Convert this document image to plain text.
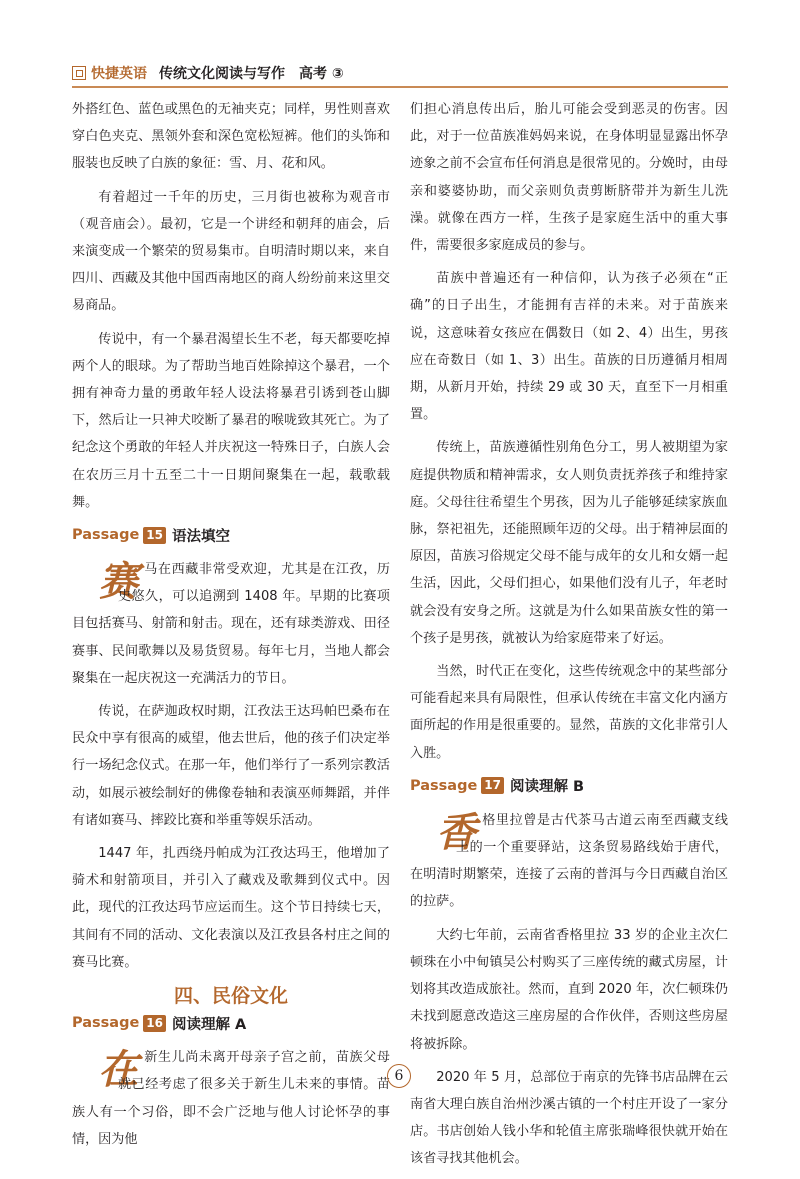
快捷英语 传统文化阅读与写作　高考 ③

外搭红色、蓝色或黑色的无袖夹克；同样，男性则喜欢穿白色夹克、黑领外套和深色宽松短裤。他们的头饰和服装也反映了白族的象征：雪、月、花和风。

有着超过一千年的历史，三月街也被称为观音市（观音庙会）。最初，它是一个讲经和朝拜的庙会，后来演变成一个繁荣的贸易集市。自明清时期以来，来自四川、西藏及其他中国西南地区的商人纷纷前来这里交易商品。

传说中，有一个暴君渴望长生不老，每天都要吃掉两个人的眼球。为了帮助当地百姓除掉这个暴君，一个拥有神奇力量的勇敢年轻人设法将暴君引诱到苍山脚下，然后让一只神犬咬断了暴君的喉咙致其死亡。为了纪念这个勇敢的年轻人并庆祝这一特殊日子，白族人会在农历三月十五至二十一日期间聚集在一起，载歌载舞。

Passage 15 语法填空

赛马在西藏非常受欢迎，尤其是在江孜，历史悠久，可以追溯到 1408 年。早期的比赛项目包括赛马、射箭和射击。现在，还有球类游戏、田径赛事、民间歌舞以及易货贸易。每年七月，当地人都会聚集在一起庆祝这一充满活力的节日。

传说，在萨迦政权时期，江孜法王达玛帕巴桑布在民众中享有很高的威望，他去世后，他的孩子们决定举行一场纪念仪式。在那一年，他们举行了一系列宗教活动，如展示被绘制好的佛像卷轴和表演巫师舞蹈，并伴有诸如赛马、摔跤比赛和举重等娱乐活动。

1447 年，扎西绕丹帕成为江孜达玛王，他增加了骑术和射箭项目，并引入了藏戏及歌舞到仪式中。因此，现代的江孜达玛节应运而生。这个节日持续七天，其间有不同的活动、文化表演以及江孜县各村庄之间的赛马比赛。

四、民俗文化
Passage 16 阅读理解 A

在新生儿尚未离开母亲子宫之前，苗族父母就已经考虑了很多关于新生儿未来的事情。苗族人有一个习俗，即不会广泛地与他人讨论怀孕的事情，因为他

们担心消息传出后，胎儿可能会受到恶灵的伤害。因此，对于一位苗族准妈妈来说，在身体明显显露出怀孕迹象之前不会宣布任何消息是很常见的。分娩时，由母亲和婆婆协助，而父亲则负责剪断脐带并为新生儿洗澡。就像在西方一样，生孩子是家庭生活中的重大事件，需要很多家庭成员的参与。

苗族中普遍还有一种信仰，认为孩子必须在“正确”的日子出生，才能拥有吉祥的未来。对于苗族来说，这意味着女孩应在偶数日（如 2、4）出生，男孩应在奇数日（如 1、3）出生。苗族的日历遵循月相周期，从新月开始，持续 29 或 30 天，直至下一月相重置。

传统上，苗族遵循性别角色分工，男人被期望为家庭提供物质和精神需求，女人则负责抚养孩子和维持家庭。父母往往希望生个男孩，因为儿子能够延续家族血脉，祭祀祖先，还能照顾年迈的父母。出于精神层面的原因，苗族习俗规定父母不能与成年的女儿和女婿一起生活，因此，父母们担心，如果他们没有儿子，年老时就会没有安身之所。这就是为什么如果苗族女性的第一个孩子是男孩，就被认为给家庭带来了好运。

当然，时代正在变化，这些传统观念中的某些部分可能看起来具有局限性，但承认传统在丰富文化内涵方面所起的作用是很重要的。显然，苗族的文化非常引人入胜。

Passage 17 阅读理解 B

香格里拉曾是古代茶马古道云南至西藏支线上的一个重要驿站，这条贸易路线始于唐代，在明清时期繁荣，连接了云南的普洱与今日西藏自治区的拉萨。

大约七年前，云南省香格里拉 33 岁的企业主次仁顿珠在小中甸镇吴公村购买了三座传统的藏式房屋，计划将其改造成旅社。然而，直到 2020 年，次仁顿珠仍未找到愿意改造这三座房屋的合作伙伴，否则这些房屋将被拆除。

2020 年 5 月，总部位于南京的先锋书店品牌在云南省大理白族自治州沙溪古镇的一个村庄开设了一家分店。书店创始人钱小华和轮值主席张瑞峰很快就开始在该省寻找其他机会。

6
